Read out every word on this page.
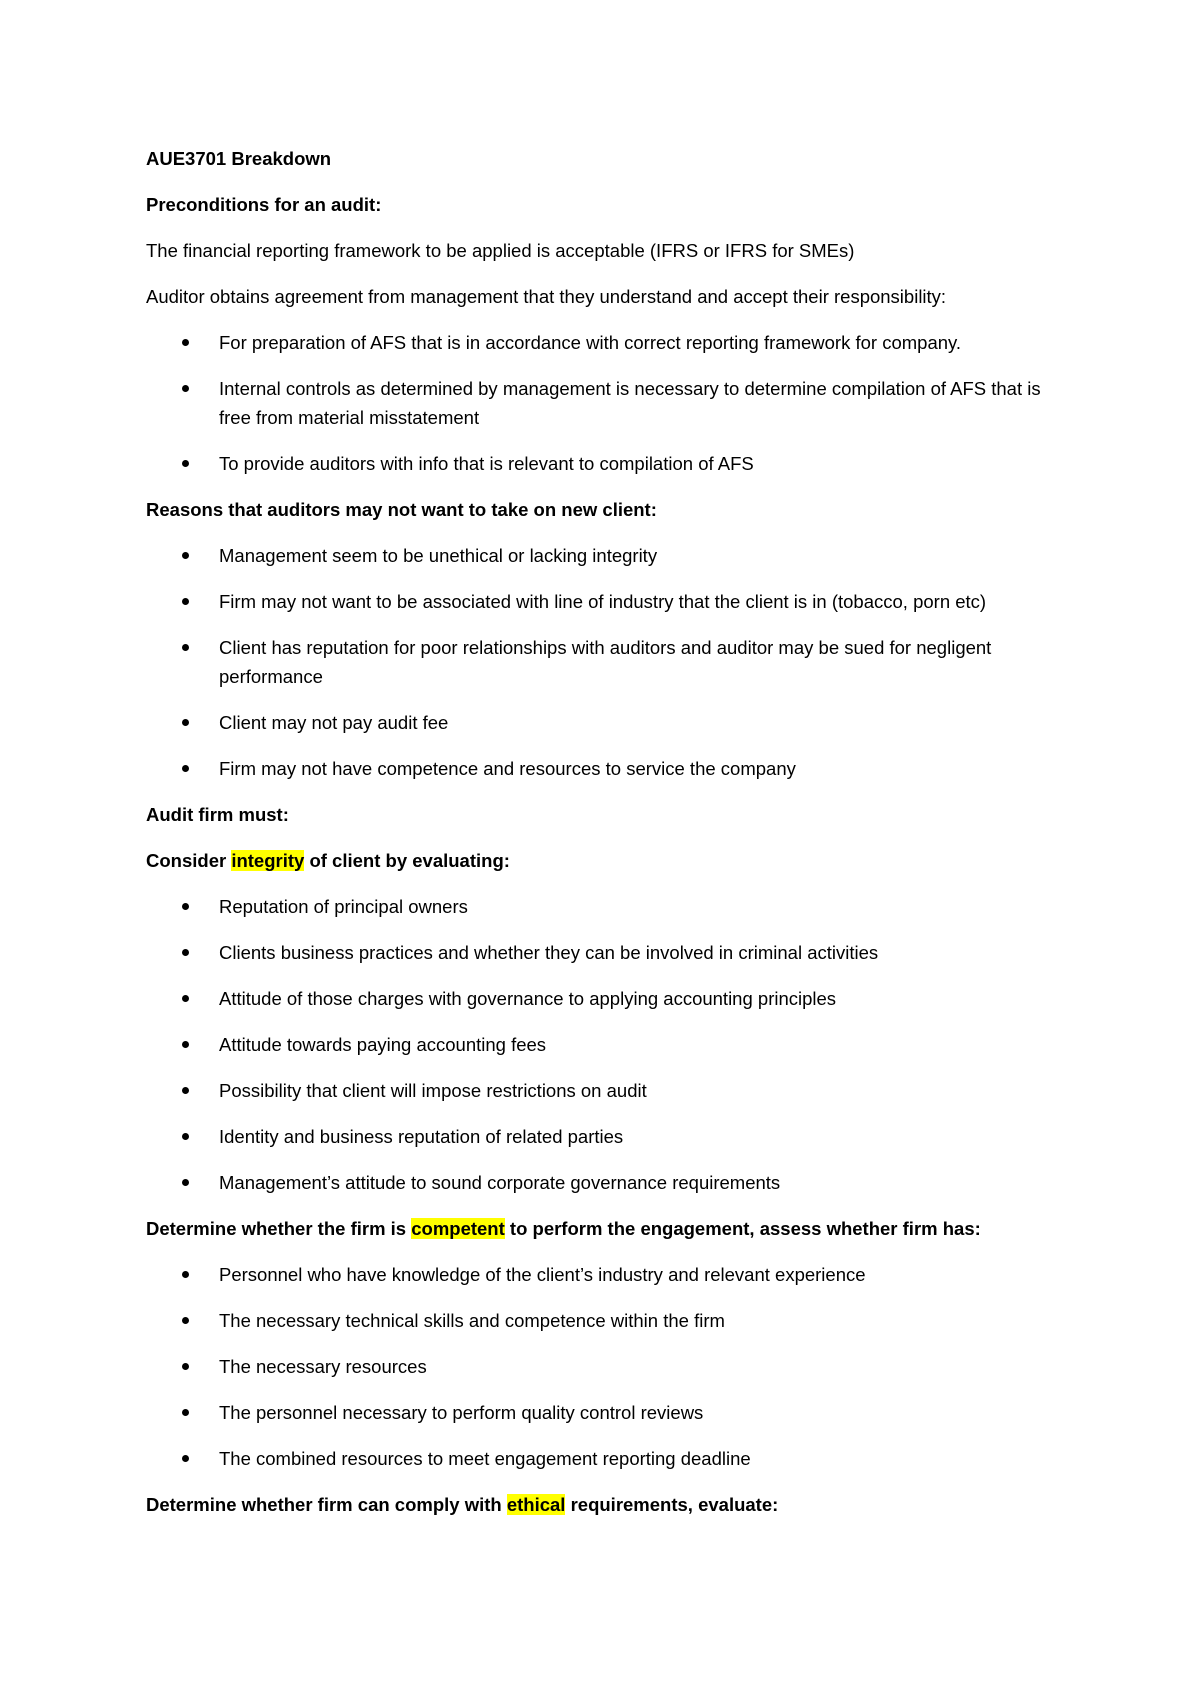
AUE3701 Breakdown
Preconditions for an audit:
The financial reporting framework to be applied is acceptable (IFRS or IFRS for SMEs)
Auditor obtains agreement from management that they understand and accept their responsibility:
For preparation of AFS that is in accordance with correct reporting framework for company.
Internal controls as determined by management is necessary to determine compilation of AFS that is free from material misstatement
To provide auditors with info that is relevant to compilation of AFS
Reasons that auditors may not want to take on new client:
Management seem to be unethical or lacking integrity
Firm may not want to be associated with line of industry that the client is in (tobacco, porn etc)
Client has reputation for poor relationships with auditors and auditor may be sued for negligent performance
Client may not pay audit fee
Firm may not have competence and resources to service the company
Audit firm must:
Consider integrity of client by evaluating:
Reputation of principal owners
Clients business practices and whether they can be involved in criminal activities
Attitude of those charges with governance to applying accounting principles
Attitude towards paying accounting fees
Possibility that client will impose restrictions on audit
Identity and business reputation of related parties
Management’s attitude to sound corporate governance requirements
Determine whether the firm is competent to perform the engagement, assess whether firm has:
Personnel who have knowledge of the client’s industry and relevant experience
The necessary technical skills and competence within the firm
The necessary resources
The personnel necessary to perform quality control reviews
The combined resources to meet engagement reporting deadline
Determine whether firm can comply with ethical requirements, evaluate:
